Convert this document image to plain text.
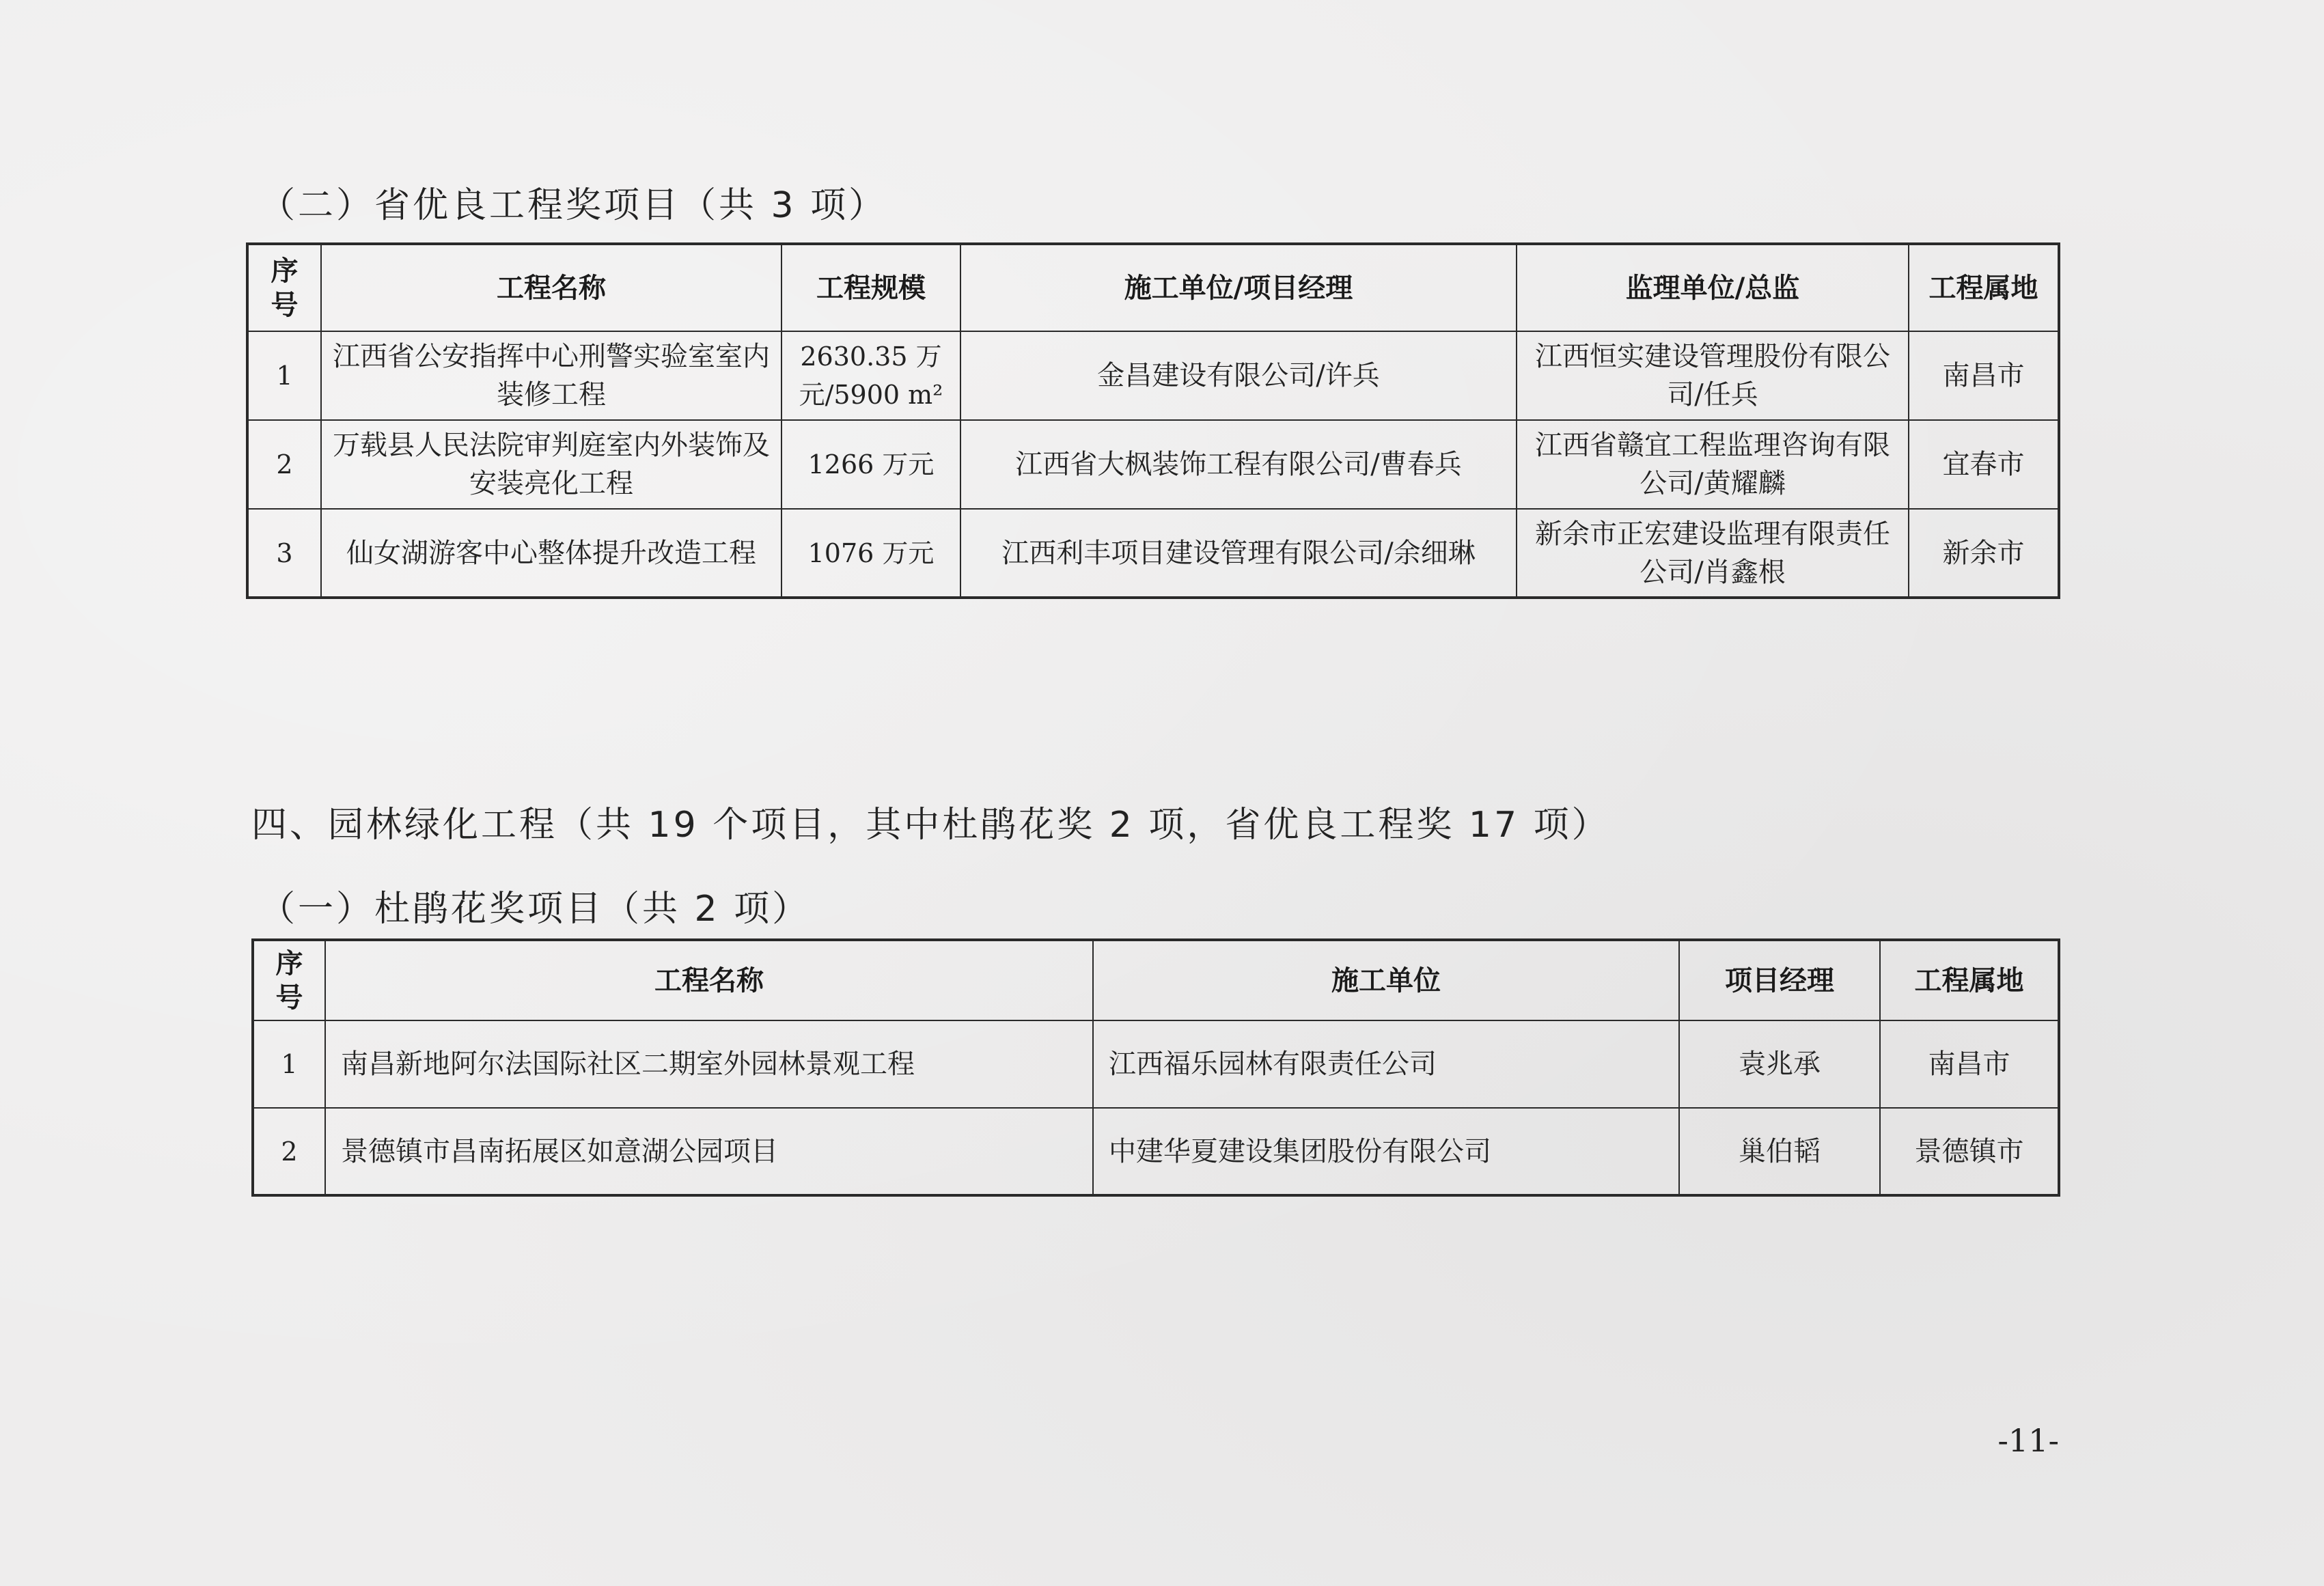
（二）省优良工程奖项目（共 3 项）
序号	工程名称	工程规模	施工单位/项目经理	监理单位/总监	工程属地
1	江西省公安指挥中心刑警实验室室内装修工程	2630.35 万元/5900 m²	金昌建设有限公司/许兵	江西恒实建设管理股份有限公司/任兵	南昌市
2	万载县人民法院审判庭室内外装饰及安装亮化工程	1266 万元	江西省大枫装饰工程有限公司/曹春兵	江西省赣宜工程监理咨询有限公司/黄耀麟	宜春市
3	仙女湖游客中心整体提升改造工程	1076 万元	江西利丰项目建设管理有限公司/余细琳	新余市正宏建设监理有限责任公司/肖鑫根	新余市
四、园林绿化工程（共 19 个项目，其中杜鹃花奖 2 项，省优良工程奖 17 项）
（一）杜鹃花奖项目（共 2 项）
序号	工程名称	施工单位	项目经理	工程属地
1	南昌新地阿尔法国际社区二期室外园林景观工程	江西福乐园林有限责任公司	袁兆承	南昌市
2	景德镇市昌南拓展区如意湖公园项目	中建华夏建设集团股份有限公司	巢伯韬	景德镇市
-11-
